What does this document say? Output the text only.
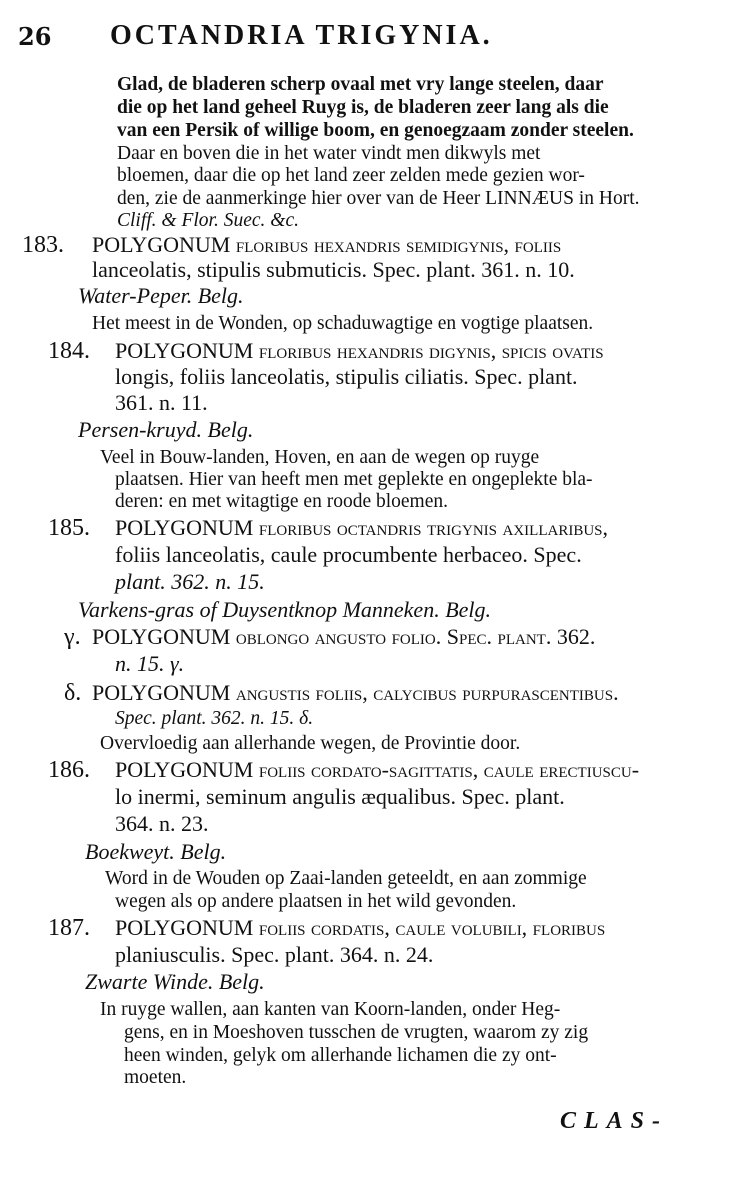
26 OCTANDRIA TRIGYNIA.
Glad, de bladeren scherp ovaal met vry lange steelen, daar
die op het land geheel Ruyg is, de bladeren zeer lang als die
van een Persik of willige boom, en genoegzaam zonder steelen.
Daar en boven die in het water vindt men dikwyls met
bloemen, daar die op het land zeer zelden mede gezien wor-
den, zie de aanmerkinge hier over van de Heer LINNÆUS in Hort.
Cliff. & Flor. Suec. &c.
183. POLYGONUM floribus hexandris semidigynis, foliis
lanceolatis, stipulis submuticis. Spec. plant. 361. n. 10.
Water-Peper. Belg.
Het meest in de Wonden, op schaduwagtige en vogtige plaatsen.
184. POLYGONUM floribus hexandris digynis, spicis ovatis
longis, foliis lanceolatis, stipulis ciliatis. Spec. plant.
361. n. 11.
Persen-kruyd. Belg.
Veel in Bouw-landen, Hoven, en aan de wegen op ruyge
plaatsen. Hier van heeft men met geplekte en ongeplekte bla-
deren: en met witagtige en roode bloemen.
185. POLYGONUM floribus octandris trigynis axillaribus,
foliis lanceolatis, caule procumbente herbaceo. Spec.
plant. 362. n. 15.
Varkens-gras of Duysentknop Manneken. Belg.
γ. POLYGONUM oblongo angusto folio. Spec. plant. 362.
n. 15. γ.
δ. POLYGONUM angustis foliis, calycibus purpurascentibus.
Spec. plant. 362. n. 15. δ.
Overvloedig aan allerhande wegen, de Provintie door.
186. POLYGONUM foliis cordato-sagittatis, caule erectiuscu-
lo inermi, seminum angulis æqualibus. Spec. plant.
364. n. 23.
Boekweyt. Belg.
Word in de Wouden op Zaai-landen geteeldt, en aan zommige
wegen als op andere plaatsen in het wild gevonden.
187. POLYGONUM foliis cordatis, caule volubili, floribus
planiusculis. Spec. plant. 364. n. 24.
Zwarte Winde. Belg.
In ruyge wallen, aan kanten van Koorn-landen, onder Heg-
gens, en in Moeshoven tusschen de vrugten, waarom zy zig
heen winden, gelyk om allerhande lichamen die zy ont-
moeten.
CLAS-
